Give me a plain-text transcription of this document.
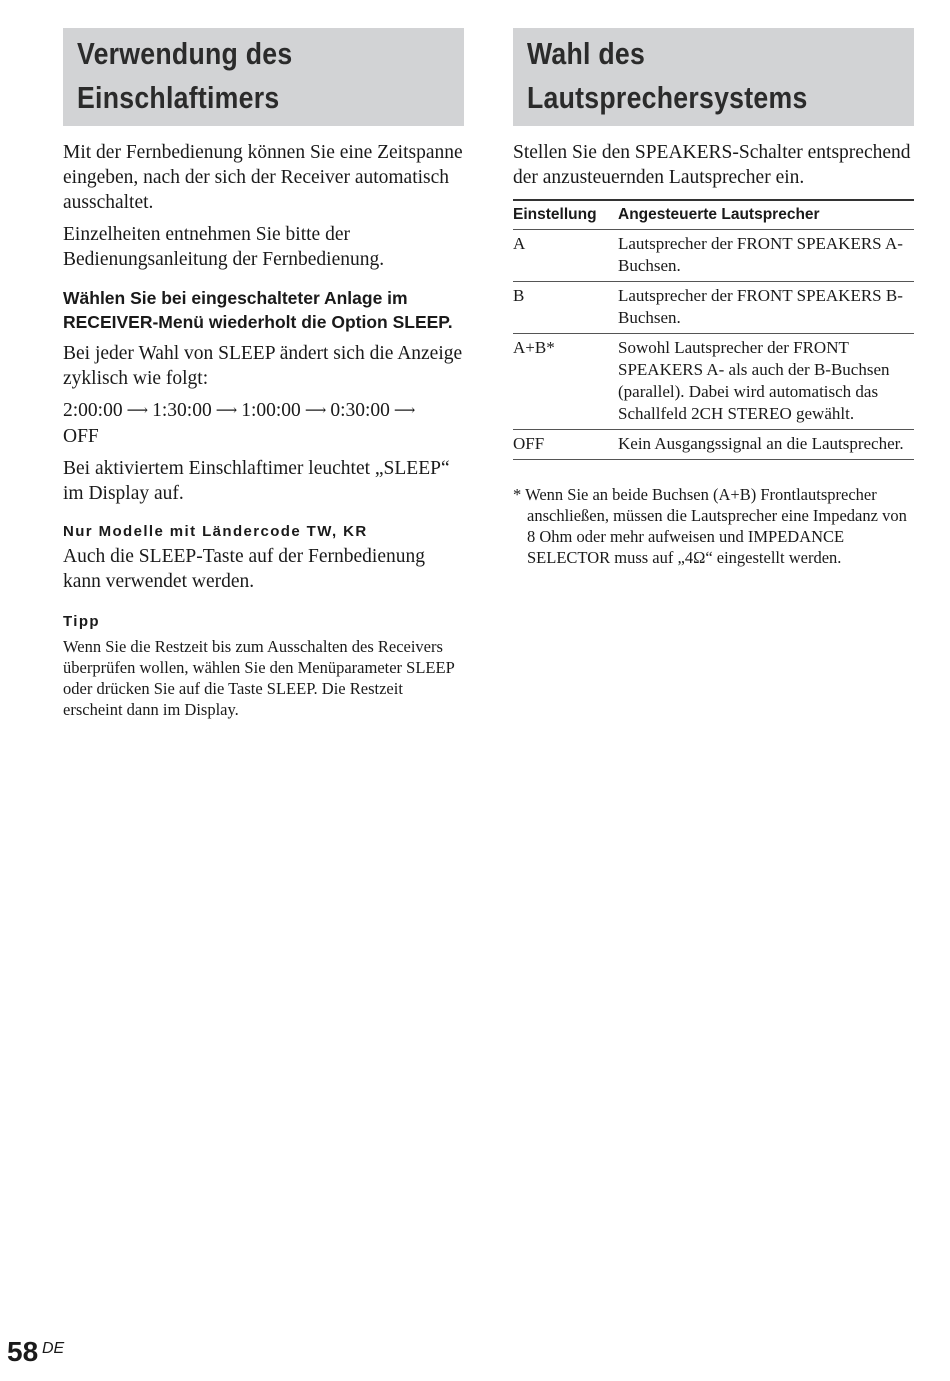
Verwendung des
Einschlaftimers

Mit der Fernbedienung können Sie eine Zeitspanne eingeben, nach der sich der Receiver automatisch ausschaltet.

Einzelheiten entnehmen Sie bitte der Bedienungsanleitung der Fernbedienung.

Wählen Sie bei eingeschalteter Anlage im RECEIVER-Menü wiederholt die Option SLEEP.

Bei jeder Wahl von SLEEP ändert sich die Anzeige zyklisch wie folgt:

2:00:00 ⟶ 1:30:00 ⟶ 1:00:00 ⟶ 0:30:00 ⟶
OFF

Bei aktiviertem Einschlaftimer leuchtet „SLEEP“ im Display auf.

Nur Modelle mit Ländercode TW, KR

Auch die SLEEP-Taste auf der Fernbedienung kann verwendet werden.

Tipp

Wenn Sie die Restzeit bis zum Ausschalten des Receivers überprüfen wollen, wählen Sie den Menüparameter SLEEP oder drücken Sie auf die Taste SLEEP. Die Restzeit erscheint dann im Display.

Wahl des
Lautsprechersystems

Stellen Sie den SPEAKERS-Schalter entsprechend der anzusteuernden Lautsprecher ein.

Einstellung	Angesteuerte Lautsprecher
A	Lautsprecher der FRONT SPEAKERS A-Buchsen.
B	Lautsprecher der FRONT SPEAKERS B-Buchsen.
A+B*	Sowohl Lautsprecher der FRONT SPEAKERS A- als auch der B-Buchsen (parallel). Dabei wird automatisch das Schallfeld 2CH STEREO gewählt.
OFF	Kein Ausgangssignal an die Lautsprecher.

* Wenn Sie an beide Buchsen (A+B) Frontlautsprecher anschließen, müssen die Lautsprecher eine Impedanz von 8 Ohm oder mehr aufweisen und IMPEDANCE SELECTOR muss auf „4Ω“ eingestellt werden.

58 DE
